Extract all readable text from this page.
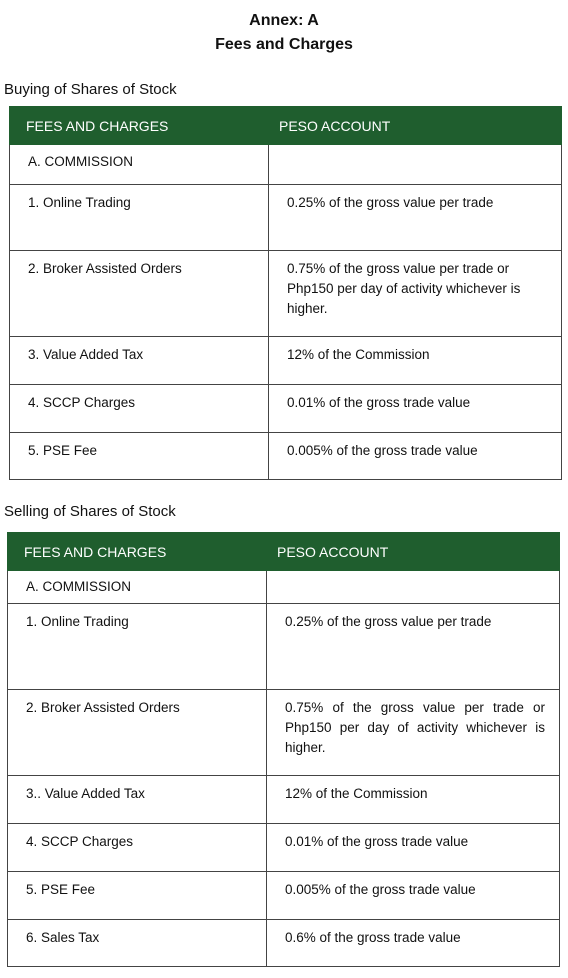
Annex: A
Fees and Charges
Buying of Shares of Stock
FEES AND CHARGES	PESO ACCOUNT
A. COMMISSION	
1. Online Trading	0.25% of the gross value per trade
2. Broker Assisted Orders	0.75% of the gross value per trade or Php150 per day of activity whichever is higher.
3. Value Added Tax	12% of the Commission
4. SCCP Charges	0.01% of the gross trade value
5. PSE Fee	0.005% of the gross trade value
Selling of Shares of Stock
FEES AND CHARGES	PESO ACCOUNT
A. COMMISSION	
1. Online Trading	0.25% of the gross value per trade
2. Broker Assisted Orders	0.75% of the gross value per trade or Php150 per day of activity whichever is higher.
3.. Value Added Tax	12% of the Commission
4. SCCP Charges	0.01% of the gross trade value
5. PSE Fee	0.005% of the gross trade value
6. Sales Tax	0.6% of the gross trade value
